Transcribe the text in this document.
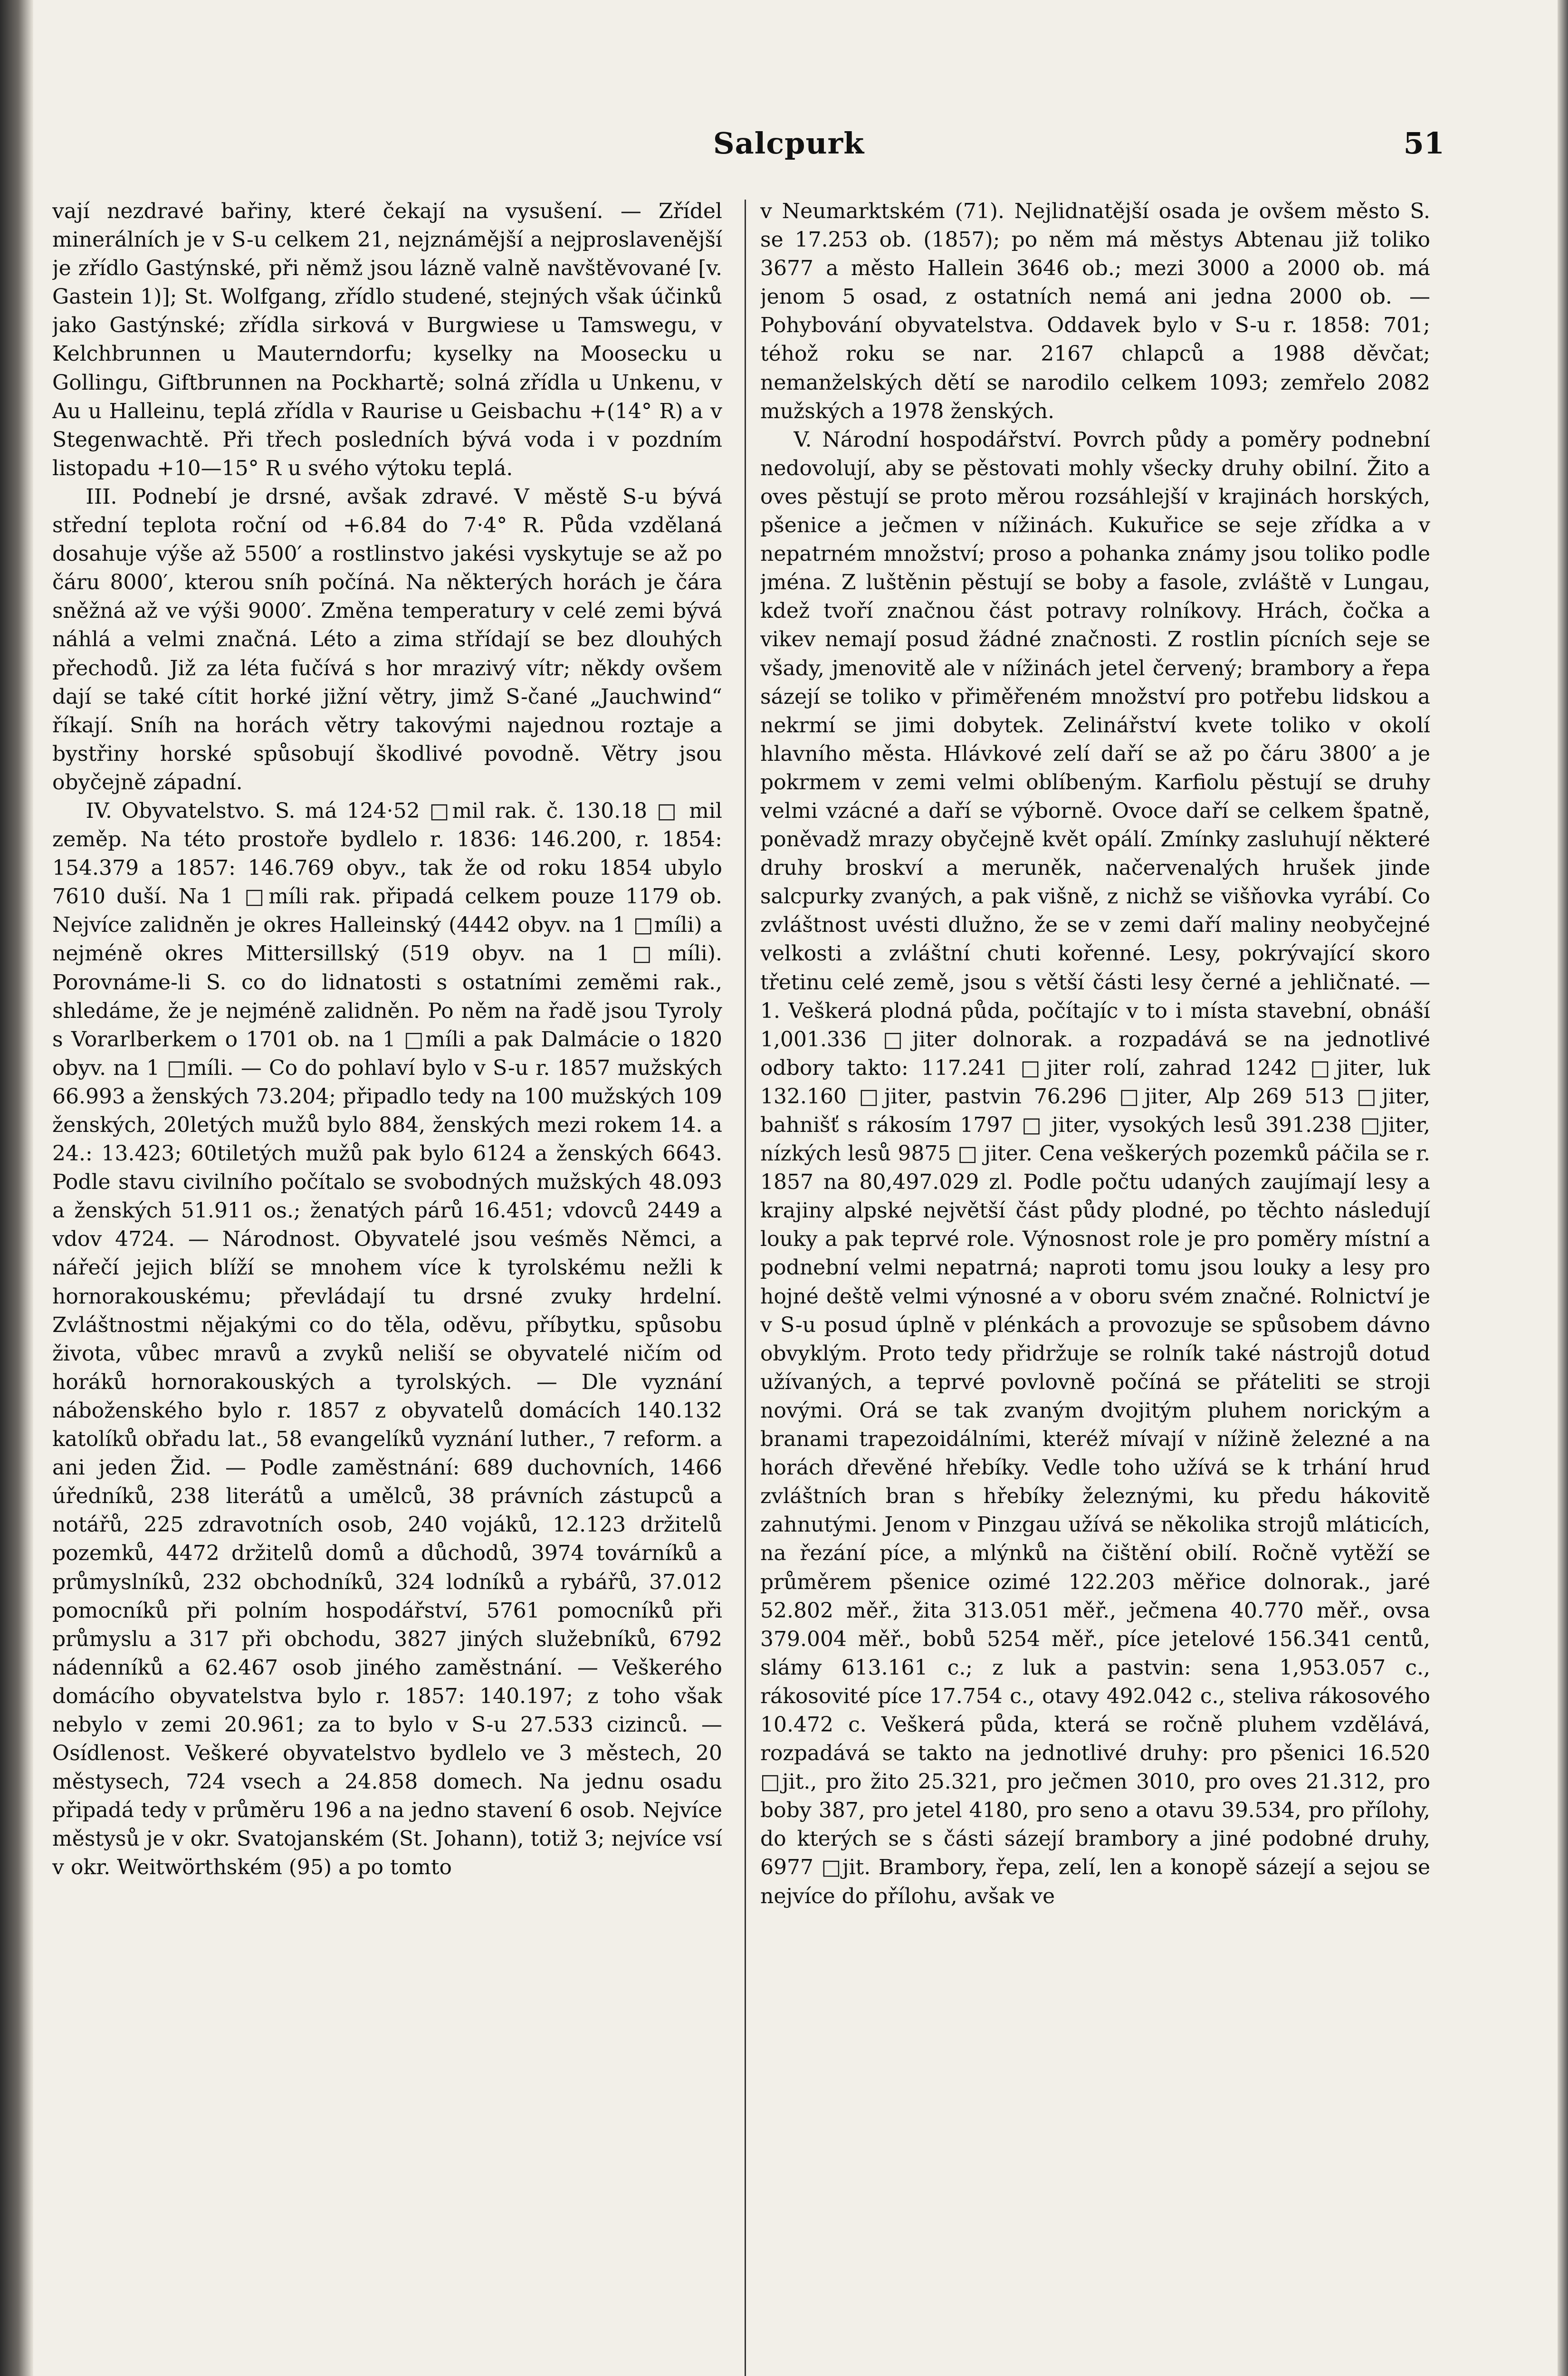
Salcpurk	51

vají nezdravé bařiny, které čekají na vysušení. — Zřídel minerálních je v S-u celkem 21, nejznámější a nejproslavenější je zřídlo Gastýnské, při němž jsou lázně valně navštěvované [v. Gastein 1)]; St. Wolfgang, zřídlo studené, stejných však účinků jako Gastýnské; zřídla sirková v Burgwiese u Tamswegu, v Kelchbrunnen u Mauterndorfu; kyselky na Moosecku u Gollingu, Giftbrunnen na Pockhartě; solná zřídla u Unkenu, v Au u Halleinu, teplá zřídla v Raurise u Geisbachu +(14° R) a v Stegenwachtě. Při třech posledních bývá voda i v pozdním listopadu +10—15° R u svého výtoku teplá.

III. Podnebí je drsné, avšak zdravé. V městě S-u bývá střední teplota roční od +6.84 do 7·4° R. Půda vzdělaná dosahuje výše až 5500′ a rostlinstvo jakési vyskytuje se až po čáru 8000′, kterou sníh počíná. Na některých horách je čára sněžná až ve výši 9000′. Změna temperatury v celé zemi bývá náhlá a velmi značná. Léto a zima střídají se bez dlouhých přechodů. Již za léta fučívá s hor mrazivý vítr; někdy ovšem dají se také cítit horké jižní větry, jimž S-čané „Jauchwind“ říkají. Sníh na horách větry takovými najednou roztaje a bystřiny horské spůsobují škodlivé povodně. Větry jsou obyčejně západní.

IV. Obyvatelstvo. S. má 124·52 □mil rak. č. 130.18 □ mil zeměp. Na této prostoře bydlelo r. 1836: 146.200, r. 1854: 154.379 a 1857: 146.769 obyv., tak že od roku 1854 ubylo 7610 duší. Na 1 □míli rak. připadá celkem pouze 1179 ob. Nejvíce zalidněn je okres Halleinský (4442 obyv. na 1 □míli) a nejméně okres Mittersillský (519 obyv. na 1 □míli). Porovnáme-li S. co do lidnatosti s ostatními zeměmi rak., shledáme, že je nejméně zalidněn. Po něm na řadě jsou Tyroly s Vorarlberkem o 1701 ob. na 1 □míli a pak Dalmácie o 1820 obyv. na 1 □míli. — Co do pohlaví bylo v S-u r. 1857 mužských 66.993 a ženských 73.204; připadlo tedy na 100 mužských 109 ženských, 20letých mužů bylo 884, ženských mezi rokem 14. a 24.: 13.423; 60tiletých mužů pak bylo 6124 a ženských 6643. Podle stavu civilního počítalo se svobodných mužských 48.093 a ženských 51.911 os.; ženatých párů 16.451; vdovců 2449 a vdov 4724. — Národnost. Obyvatelé jsou veśměs Němci, a nářečí jejich blíží se mnohem více k tyrolskému nežli k hornorakouskému; převládají tu drsné zvuky hrdelní. Zvláštnostmi nějakými co do těla, oděvu, příbytku, spůsobu života, vůbec mravů a zvyků neliší se obyvatelé ničím od horáků hornorakouských a tyrolských. — Dle vyznání náboženského bylo r. 1857 z obyvatelů domácích 140.132 katolíků obřadu lat., 58 evangelíků vyznání luther., 7 reform. a ani jeden Žid. — Podle zaměstnání: 689 duchovních, 1466 úředníků, 238 literátů a umělců, 38 právních zástupců a notářů, 225 zdravotních osob, 240 vojáků, 12.123 držitelů pozemků, 4472 držitelů domů a důchodů, 3974 továrníků a průmyslníků, 232 obchodníků, 324 lodníků a rybářů, 37.012 pomocníků při polním hospodářství, 5761 pomocníků při průmyslu a 317 při obchodu, 3827 jiných služebníků, 6792 nádenníků a 62.467 osob jiného zaměstnání. — Veškerého domácího obyvatelstva bylo r. 1857: 140.197; z toho však nebylo v zemi 20.961; za to bylo v S-u 27.533 cizinců. — Osídlenost. Veškeré obyvatelstvo bydlelo ve 3 městech, 20 městysech, 724 vsech a 24.858 domech. Na jednu osadu připadá tedy v průměru 196 a na jedno stavení 6 osob. Nejvíce městysů je v okr. Svatojanském (St. Johann), totiž 3; nejvíce vsí v okr. Weitwörthském (95) a po tomto

v Neumarktském (71). Nejlidnatější osada je ovšem město S. se 17.253 ob. (1857); po něm má městys Abtenau již toliko 3677 a město Hallein 3646 ob.; mezi 3000 a 2000 ob. má jenom 5 osad, z ostatních nemá ani jedna 2000 ob. — Pohybování obyvatelstva. Oddavek bylo v S-u r. 1858: 701; téhož roku se nar. 2167 chlapců a 1988 děvčat; nemanželských dětí se narodilo celkem 1093; zemřelo 2082 mužských a 1978 ženských.

V. Národní hospodářství. Povrch půdy a poměry podnební nedovolují, aby se pěstovati mohly všecky druhy obilní. Žito a oves pěstují se proto měrou rozsáhlejší v krajinách horských, pšenice a ječmen v nížinách. Kukuřice se seje zřídka a v nepatrném množství; proso a pohanka známy jsou toliko podle jména. Z luštěnin pěstují se boby a fasole, zvláště v Lungau, kdež tvoří značnou část potravy rolníkovy. Hrách, čočka a vikev nemají posud žádné značnosti. Z rostlin pícních seje se všady, jmenovitě ale v nížinách jetel červený; brambory a řepa sázejí se toliko v přiměřeném množství pro potřebu lidskou a nekrmí se jimi dobytek. Zelinářství kvete toliko v okolí hlavního města. Hlávkové zelí daří se až po čáru 3800′ a je pokrmem v zemi velmi oblíbeným. Karfiolu pěstují se druhy velmi vzácné a daří se výborně. Ovoce daří se celkem špatně, poněvadž mrazy obyčejně květ opálí. Zmínky zasluhují některé druhy broskví a meruněk, načervenalých hrušek jinde salcpurky zvaných, a pak višně, z nichž se višňovka vyrábí. Co zvláštnost uvésti dlužno, že se v zemi daří maliny neobyčejné velkosti a zvláštní chuti kořenné. Lesy, pokrývající skoro třetinu celé země, jsou s větší části lesy černé a jehličnaté. — 1. Veškerá plodná půda, počítajíc v to i místa stavební, obnáší 1,001.336 □jiter dolnorak. a rozpadává se na jednotlivé odbory takto: 117.241 □jiter rolí, zahrad 1242 □jiter, luk 132.160 □jiter, pastvin 76.296 □jiter, Alp 269 513 □jiter, bahnišť s rákosím 1797 □ jiter, vysokých lesů 391.238 □jiter, nízkých lesů 9875 □ jiter. Cena veškerých pozemků páčila se r. 1857 na 80,497.029 zl. Podle počtu udaných zaujímají lesy a krajiny alpské největší část půdy plodné, po těchto následují louky a pak teprvé role. Výnosnost role je pro poměry místní a podnební velmi nepatrná; naproti tomu jsou louky a lesy pro hojné deště velmi výnosné a v oboru svém značné. Rolnictví je v S-u posud úplně v plénkách a provozuje se spůsobem dávno obvyklým. Proto tedy přidržuje se rolník také nástrojů dotud užívaných, a teprvé povlovně počíná se přáteliti se stroji novými. Orá se tak zvaným dvojitým pluhem norickým a branami trapezoidálními, kteréž mívají v nížině železné a na horách dřevěné hřebíky. Vedle toho užívá se k trhání hrud zvláštních bran s hřebíky železnými, ku předu hákovitě zahnutými. Jenom v Pinzgau užívá se několika strojů mláticích, na řezání píce, a mlýnků na čištění obilí. Ročně vytěží se průměrem pšenice ozimé 122.203 měřice dolnorak., jaré 52.802 měř., žita 313.051 měř., ječmena 40.770 měř., ovsa 379.004 měř., bobů 5254 měř., píce jetelové 156.341 centů, slámy 613.161 c.; z luk a pastvin: sena 1,953.057 c., rákosovité píce 17.754 c., otavy 492.042 c., steliva rákosového 10.472 c. Veškerá půda, která se ročně pluhem vzdělává, rozpadává se takto na jednotlivé druhy: pro pšenici 16.520 □jit., pro žito 25.321, pro ječmen 3010, pro oves 21.312, pro boby 387, pro jetel 4180, pro seno a otavu 39.534, pro přílohy, do kterých se s části sázejí brambory a jiné podobné druhy, 6977 □jit. Brambory, řepa, zelí, len a konopě sázejí a sejou se nejvíce do přílohu, avšak ve
